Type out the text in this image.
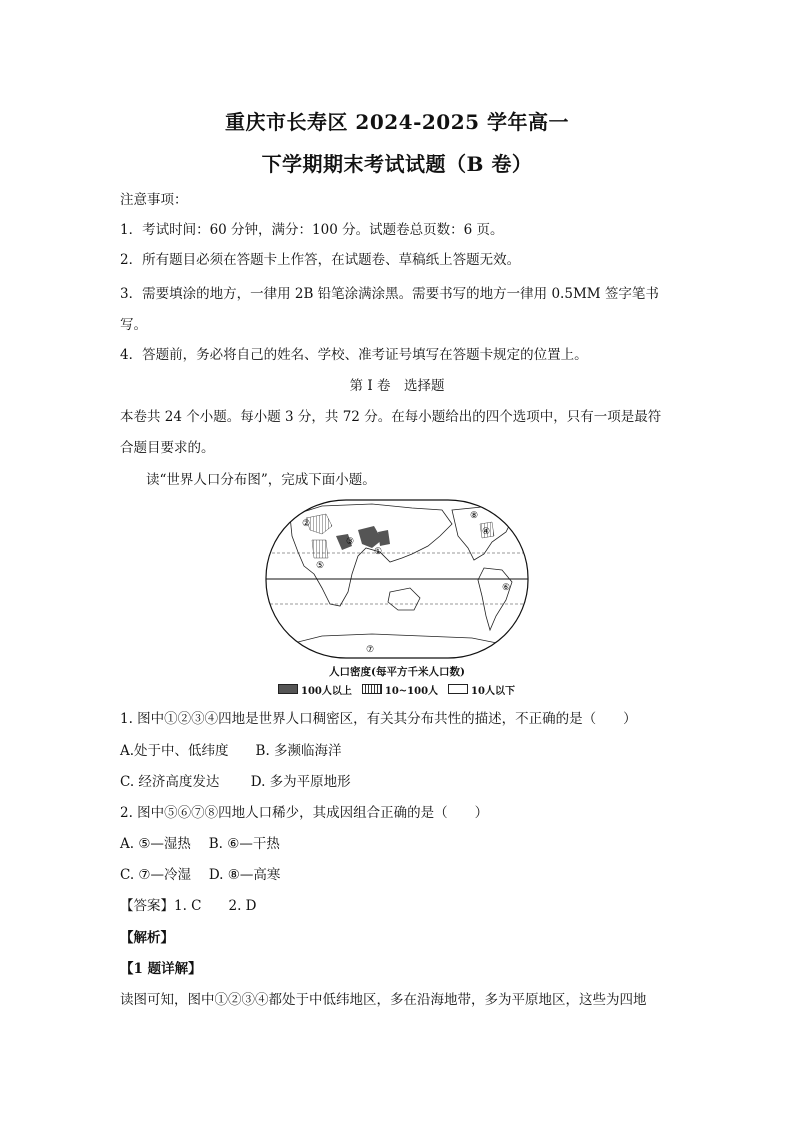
重庆市长寿区 2024-2025 学年高一
下学期期末考试试题（B 卷）
注意事项：
1．考试时间：60 分钟，满分：100 分。试题卷总页数：6 页。
2．所有题目必须在答题卡上作答，在试题卷、草稿纸上答题无效。
3．需要填涂的地方，一律用 2B 铅笔涂满涂黑。需要书写的地方一律用 0.5MM 签字笔书
写。
4．答题前，务必将自己的姓名、学校、准考证号填写在答题卡规定的位置上。
第 I 卷　选择题
本卷共 24 个小题。每小题 3 分，共 72 分。在每小题给出的四个选项中，只有一项是最符
合题目要求的。
读“世界人口分布图”，完成下面小题。
⑤
②
③
①
④
⑥
⑦
⑧
人口密度(每平方千米人口数)
100人以上	10~100人	10人以下
1. 图中①②③④四地是世界人口稠密区，有关其分布共性的描述，不正确的是（　　）
A.处于中、低纬度　　B. 多濒临海洋
C. 经济高度发达　　 D. 多为平原地形
2. 图中⑤⑥⑦⑧四地人口稀少，其成因组合正确的是（　　）
A. ⑤—湿热　 B. ⑥—干热
C. ⑦—冷湿　 D. ⑧—高寒
【答案】1. C　　2. D
【解析】
【1 题详解】
读图可知，图中①②③④都处于中低纬地区，多在沿海地带，多为平原地区，这些为四地
